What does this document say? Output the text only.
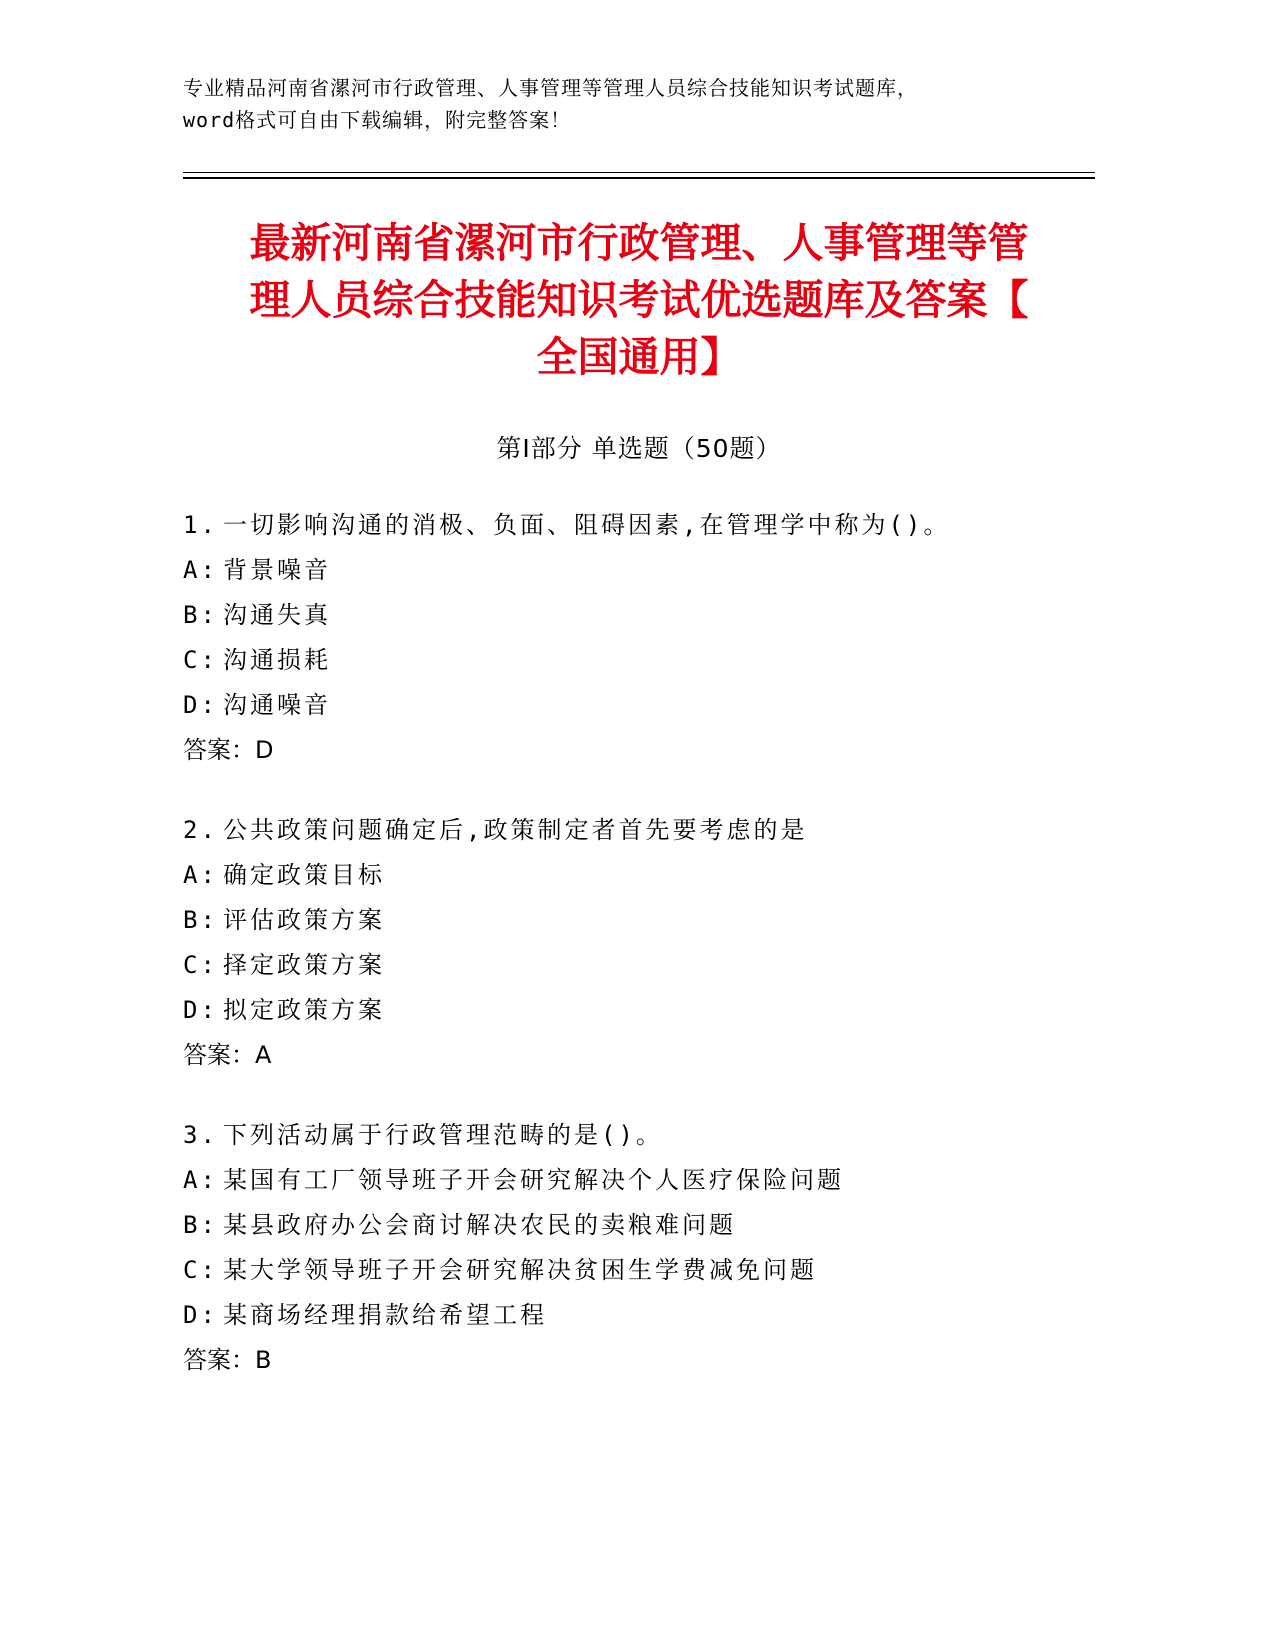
专业精品河南省漯河市行政管理、人事管理等管理人员综合技能知识考试题库，
word格式可自由下载编辑，附完整答案！
最新河南省漯河市行政管理、人事管理等管
理人员综合技能知识考试优选题库及答案【
全国通用】
第Ⅰ部分 单选题（50题）
1. 一切影响沟通的消极、负面、阻碍因素,在管理学中称为()。
A: 背景噪音
B: 沟通失真
C: 沟通损耗
D: 沟通噪音
答案：D
2. 公共政策问题确定后,政策制定者首先要考虑的是
A: 确定政策目标
B: 评估政策方案
C: 择定政策方案
D: 拟定政策方案
答案：A
3. 下列活动属于行政管理范畴的是()。
A: 某国有工厂领导班子开会研究解决个人医疗保险问题
B: 某县政府办公会商讨解决农民的卖粮难问题
C: 某大学领导班子开会研究解决贫困生学费减免问题
D: 某商场经理捐款给希望工程
答案：B
